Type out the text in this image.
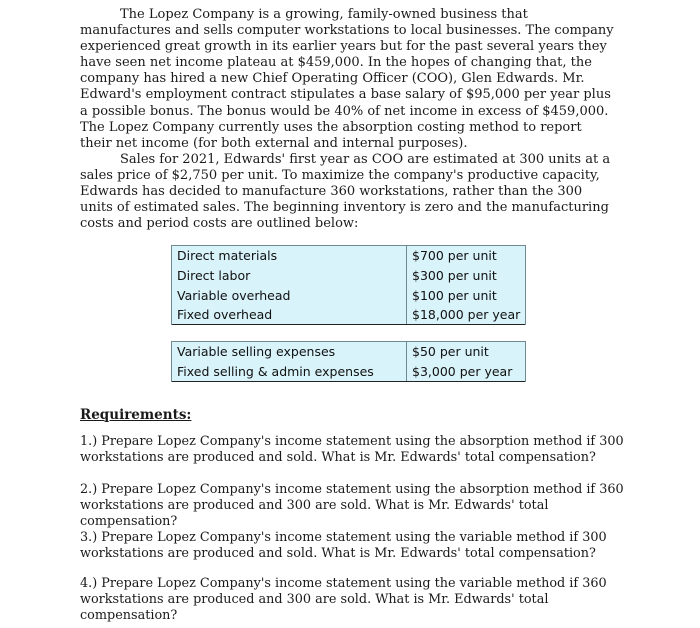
The Lopez Company is a growing, family-owned business that manufactures and sells computer workstations to local businesses. The company experienced great growth in its earlier years but for the past several years they have seen net income plateau at $459,000. In the hopes of changing that, the company has hired a new Chief Operating Officer (COO), Glen Edwards. Mr. Edward's employment contract stipulates a base salary of $95,000 per year plus a possible bonus. The bonus would be 40% of net income in excess of $459,000. The Lopez Company currently uses the absorption costing method to report their net income (for both external and internal purposes).

Sales for 2021, Edwards' first year as COO are estimated at 300 units at a sales price of $2,750 per unit. To maximize the company's productive capacity, Edwards has decided to manufacture 360 workstations, rather than the 300 units of estimated sales. The beginning inventory is zero and the manufacturing costs and period costs are outlined below:

Direct materials	$700 per unit
Direct labor	$300 per unit
Variable overhead	$100 per unit
Fixed overhead	$18,000 per year
Variable selling expenses	$50 per unit
Fixed selling & admin expenses	$3,000 per year

Requirements:

1.) Prepare Lopez Company's income statement using the absorption method if 300 workstations are produced and sold. What is Mr. Edwards' total compensation?

2.) Prepare Lopez Company's income statement using the absorption method if 360 workstations are produced and 300 are sold. What is Mr. Edwards' total compensation?

3.) Prepare Lopez Company's income statement using the variable method if 300 workstations are produced and sold. What is Mr. Edwards' total compensation?

4.) Prepare Lopez Company's income statement using the variable method if 360 workstations are produced and 300 are sold. What is Mr. Edwards' total compensation?
